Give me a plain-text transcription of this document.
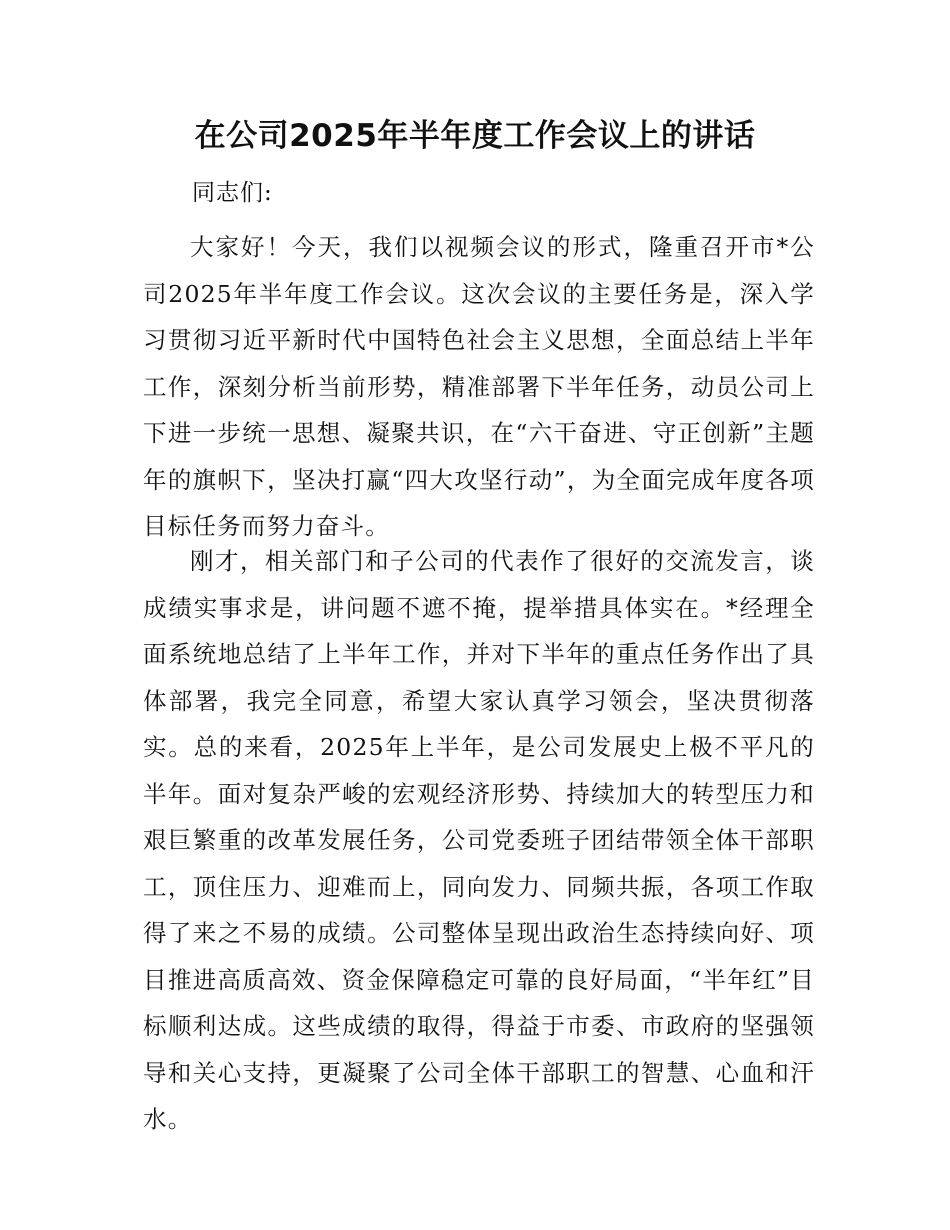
在公司2025年半年度工作会议上的讲话

同志们:

大家好！今天，我们以视频会议的形式，隆重召开市*公司2025年半年度工作会议。这次会议的主要任务是，深入学习贯彻习近平新时代中国特色社会主义思想，全面总结上半年工作，深刻分析当前形势，精准部署下半年任务，动员公司上下进一步统一思想、凝聚共识，在“六干奋进、守正创新”主题年的旗帜下，坚决打赢“四大攻坚行动”，为全面完成年度各项目标任务而努力奋斗。

刚才，相关部门和子公司的代表作了很好的交流发言，谈成绩实事求是，讲问题不遮不掩，提举措具体实在。*经理全面系统地总结了上半年工作，并对下半年的重点任务作出了具体部署，我完全同意，希望大家认真学习领会，坚决贯彻落实。总的来看，2025年上半年，是公司发展史上极不平凡的半年。面对复杂严峻的宏观经济形势、持续加大的转型压力和艰巨繁重的改革发展任务，公司党委班子团结带领全体干部职工，顶住压力、迎难而上，同向发力、同频共振，各项工作取得了来之不易的成绩。公司整体呈现出政治生态持续向好、项目推进高质高效、资金保障稳定可靠的良好局面，“半年红”目标顺利达成。这些成绩的取得，得益于市委、市政府的坚强领导和关心支持，更凝聚了公司全体干部职工的智慧、心血和汗水。
